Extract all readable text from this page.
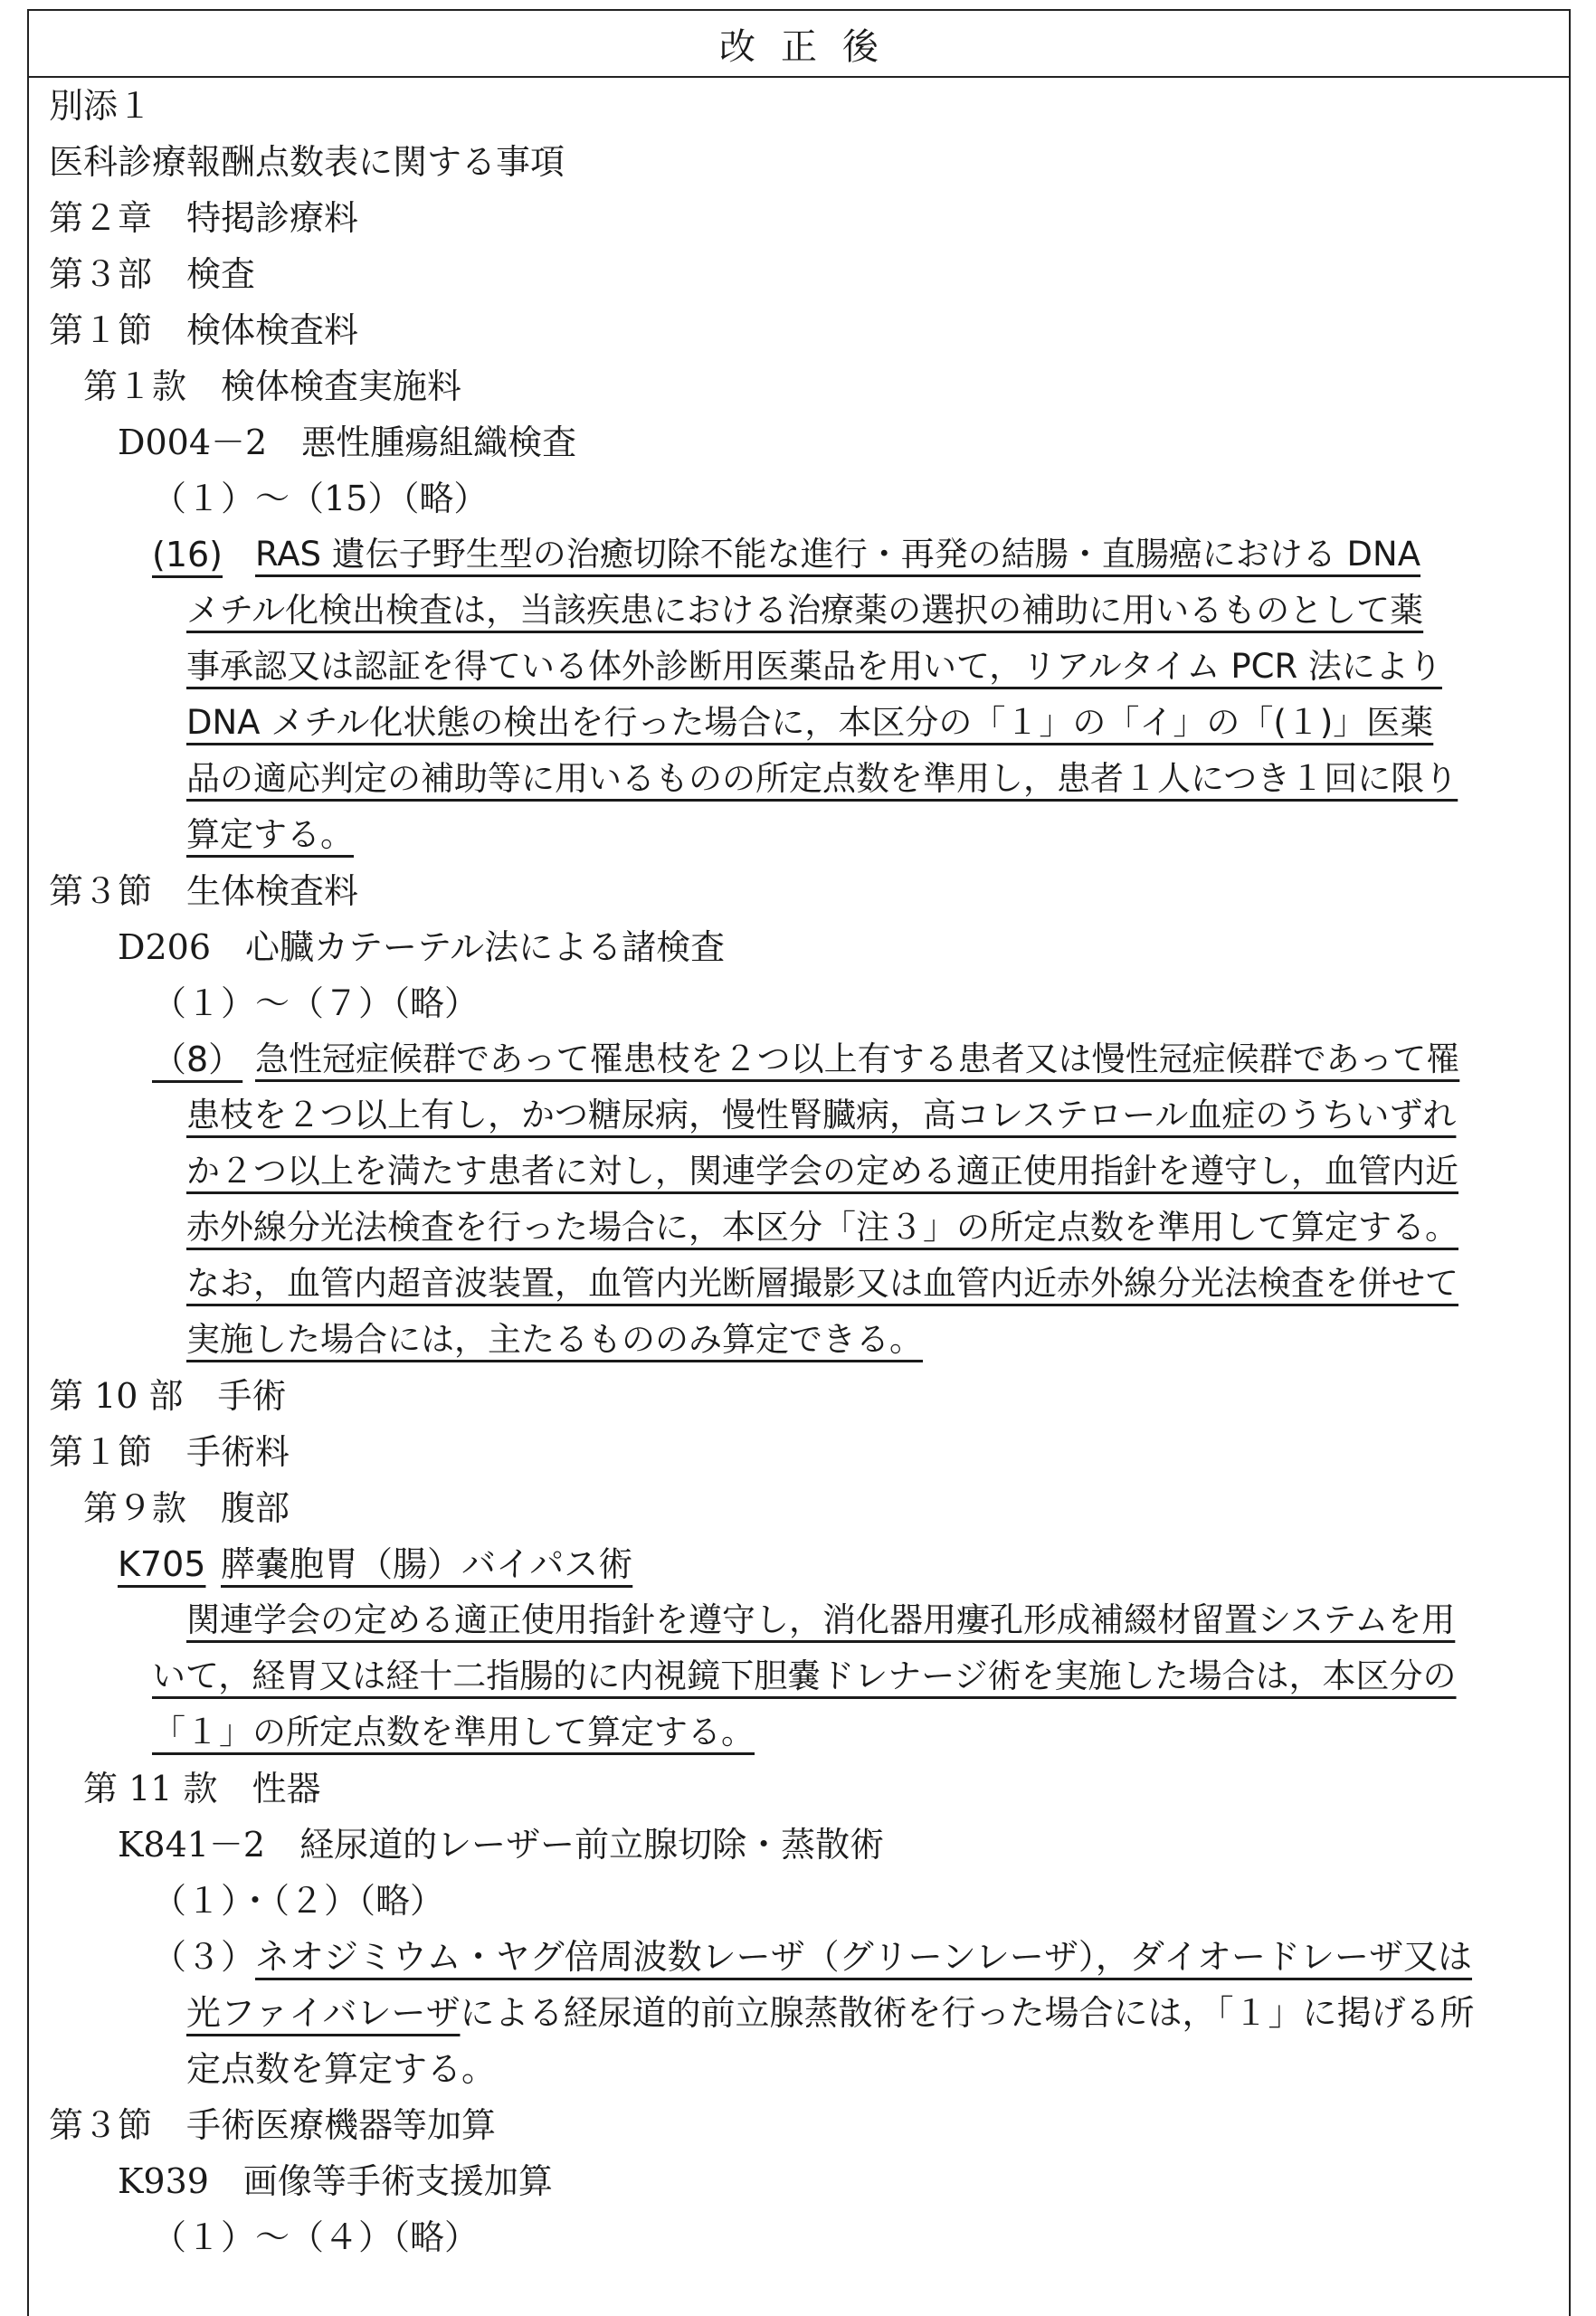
改正後
別添１
医科診療報酬点数表に関する事項
第２章　特掲診療料
第３部　検査
第１節　検体検査料
第１款　検体検査実施料
D004－2　悪性腫瘍組織検査
（１）～（15）（略）
(16) RAS 遺伝子野生型の治癒切除不能な進行・再発の結腸・直腸癌における DNA
メチル化検出検査は，当該疾患における治療薬の選択の補助に用いるものとして薬
事承認又は認証を得ている体外診断用医薬品を用いて，リアルタイム PCR 法により
DNA メチル化状態の検出を行った場合に，本区分の「１」の「イ」の「(１)」医薬
品の適応判定の補助等に用いるものの所定点数を準用し，患者１人につき１回に限り
算定する。
第３節　生体検査料
D206　心臓カテーテル法による諸検査
（１）～（７）（略）
（8） 急性冠症候群であって罹患枝を２つ以上有する患者又は慢性冠症候群であって罹
患枝を２つ以上有し，かつ糖尿病，慢性腎臓病，高コレステロール血症のうちいずれ
か２つ以上を満たす患者に対し，関連学会の定める適正使用指針を遵守し，血管内近
赤外線分光法検査を行った場合に，本区分「注３」の所定点数を準用して算定する。
なお，血管内超音波装置，血管内光断層撮影又は血管内近赤外線分光法検査を併せて
実施した場合には，主たるもののみ算定できる。
第 10 部　手術
第１節　手術料
第９款　腹部
K705 膵嚢胞胃（腸）バイパス術
関連学会の定める適正使用指針を遵守し，消化器用瘻孔形成補綴材留置システムを用
いて，経胃又は経十二指腸的に内視鏡下胆嚢ドレナージ術を実施した場合は，本区分の
「１」の所定点数を準用して算定する。
第 11 款　性器
K841－2　経尿道的レーザー前立腺切除・蒸散術
（１）・（２）（略）
（３） ネオジミウム・ヤグ倍周波数レーザ（グリーンレーザ），ダイオードレーザ又は
光ファイバレーザによる経尿道的前立腺蒸散術を行った場合には，「１」に掲げる所
定点数を算定する。
第３節　手術医療機器等加算
K939　画像等手術支援加算
（１）～（４）（略）
